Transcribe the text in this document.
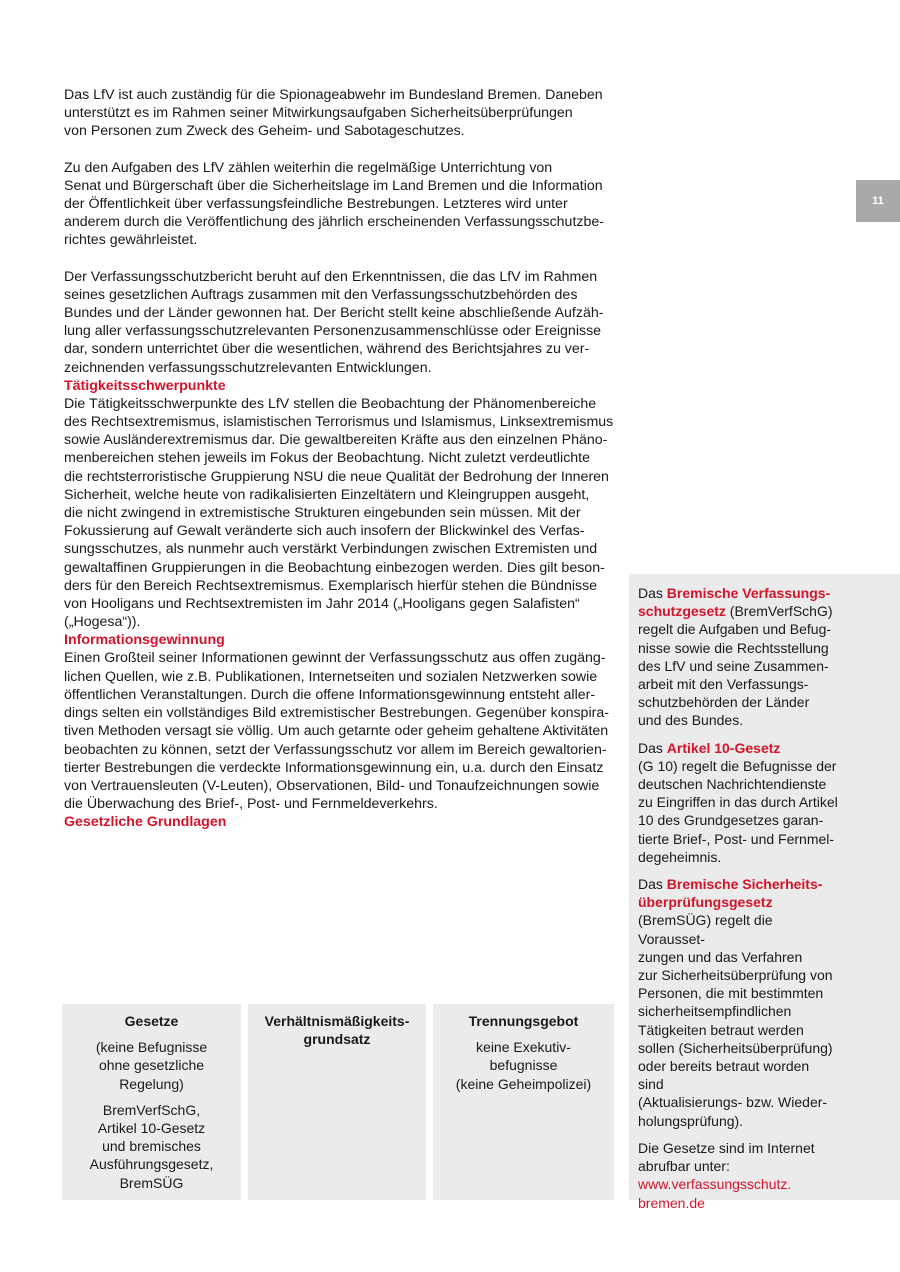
11

Das LfV ist auch zuständig für die Spionageabwehr im Bundesland Bremen. Daneben
unterstützt es im Rahmen seiner Mitwirkungsaufgaben Sicherheitsüberprüfungen
von Personen zum Zweck des Geheim- und Sabotageschutzes.

Zu den Aufgaben des LfV zählen weiterhin die regelmäßige Unterrichtung von
Senat und Bürgerschaft über die Sicherheitslage im Land Bremen und die Information
der Öffentlichkeit über verfassungsfeindliche Bestrebungen. Letzteres wird unter
anderem durch die Veröffentlichung des jährlich erscheinenden Verfassungsschutzbe-
richtes gewährleistet.

Der Verfassungsschutzbericht beruht auf den Erkenntnissen, die das LfV im Rahmen
seines gesetzlichen Auftrags zusammen mit den Verfassungsschutzbehörden des
Bundes und der Länder gewonnen hat. Der Bericht stellt keine abschließende Aufzäh-
lung aller verfassungsschutzrelevanten Personenzusammenschlüsse oder Ereignisse
dar, sondern unterrichtet über die wesentlichen, während des Berichtsjahres zu ver-
zeichnenden verfassungsschutzrelevanten Entwicklungen.

Tätigkeitsschwerpunkte

Die Tätigkeitsschwerpunkte des LfV stellen die Beobachtung der Phänomenbereiche
des Rechtsextremismus, islamistischen Terrorismus und Islamismus, Linksextremismus
sowie Ausländerextremismus dar. Die gewaltbereiten Kräfte aus den einzelnen Phäno-
menbereichen stehen jeweils im Fokus der Beobachtung. Nicht zuletzt verdeutlichte
die rechtsterroristische Gruppierung NSU die neue Qualität der Bedrohung der Inneren
Sicherheit, welche heute von radikalisierten Einzeltätern und Kleingruppen ausgeht,
die nicht zwingend in extremistische Strukturen eingebunden sein müssen. Mit der
Fokussierung auf Gewalt veränderte sich auch insofern der Blickwinkel des Verfas-
sungsschutzes, als nunmehr auch verstärkt Verbindungen zwischen Extremisten und
gewaltaffinen Gruppierungen in die Beobachtung einbezogen werden. Dies gilt beson-
ders für den Bereich Rechtsextremismus. Exemplarisch hierfür stehen die Bündnisse
von Hooligans und Rechtsextremisten im Jahr 2014 („Hooligans gegen Salafisten“
(„Hogesa“)).

Informationsgewinnung

Einen Großteil seiner Informationen gewinnt der Verfassungsschutz aus offen zugäng-
lichen Quellen, wie z.B. Publikationen, Internetseiten und sozialen Netzwerken sowie
öffentlichen Veranstaltungen. Durch die offene Informationsgewinnung entsteht aller-
dings selten ein vollständiges Bild extremistischer Bestrebungen. Gegenüber konspira-
tiven Methoden versagt sie völlig. Um auch getarnte oder geheim gehaltene Aktivitäten
beobachten zu können, setzt der Verfassungsschutz vor allem im Bereich gewaltorien-
tierter Bestrebungen die verdeckte Informationsgewinnung ein, u.a. durch den Einsatz
von Vertrauensleuten (V-Leuten), Observationen, Bild- und Tonaufzeichnungen sowie
die Überwachung des Brief-, Post- und Fernmeldeverkehrs.

Gesetzliche Grundlagen

Gesetze

(keine Befugnisse
ohne gesetzliche
Regelung)

BremVerfSchG,
Artikel 10-Gesetz
und bremisches
Ausführungsgesetz,
BremSÜG

Verhältnismäßigkeits-
grundsatz
Trennungsgebot

keine Exekutiv-
befugnisse
(keine Geheimpolizei)

Das Bremische Verfassungs-
schutzgesetz (BremVerfSchG)
regelt die Aufgaben und Befug-
nisse sowie die Rechtsstellung
des LfV und seine Zusammen-
arbeit mit den Verfassungs-
schutzbehörden der Länder
und des Bundes.

Das Artikel 10-Gesetz
(G 10) regelt die Befugnisse der
deutschen Nachrichtendienste
zu Eingriffen in das durch Artikel
10 des Grundgesetzes garan-
tierte Brief-, Post- und Fernmel-
degeheimnis.

Das Bremische Sicherheits-
überprüfungsgesetz
(BremSÜG) regelt die Vorausset-
zungen und das Verfahren
zur Sicherheitsüberprüfung von
Personen, die mit bestimmten
sicherheitsempfindlichen
Tätigkeiten betraut werden
sollen (Sicherheitsüberprüfung)
oder bereits betraut worden sind
(Aktualisierungs- bzw. Wieder-
holungsprüfung).

Die Gesetze sind im Internet
abrufbar unter:
www.verfassungsschutz.
bremen.de
